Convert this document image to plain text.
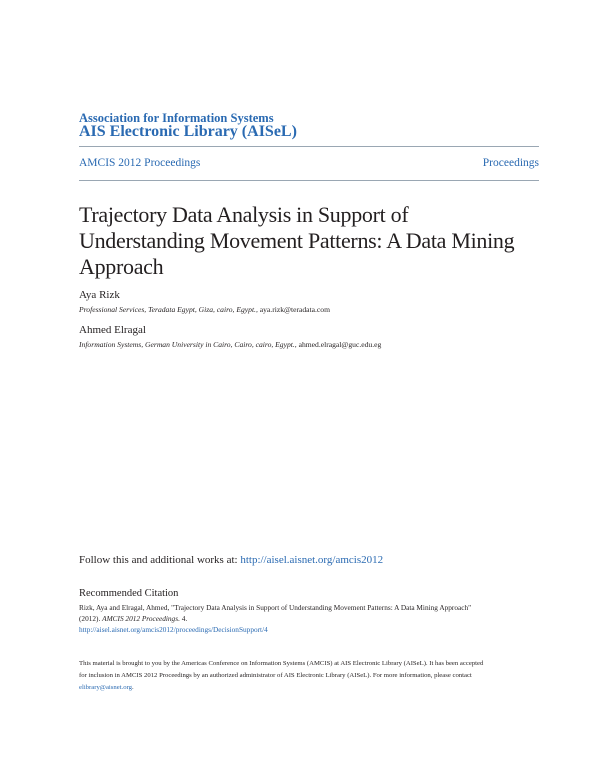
Association for Information Systems
AIS Electronic Library (AISeL)
AMCIS 2012 Proceedings	Proceedings
Trajectory Data Analysis in Support of
Understanding Movement Patterns: A Data Mining
Approach
Aya Rizk
Professional Services, Teradata Egypt, Giza, cairo, Egypt., aya.rizk@teradata.com
Ahmed Elragal
Information Systems, German University in Cairo, Cairo, cairo, Egypt., ahmed.elragal@guc.edu.eg
Follow this and additional works at: http://aisel.aisnet.org/amcis2012
Recommended Citation
Rizk, Aya and Elragal, Ahmed, "Trajectory Data Analysis in Support of Understanding Movement Patterns: A Data Mining Approach"
(2012). AMCIS 2012 Proceedings. 4.
http://aisel.aisnet.org/amcis2012/proceedings/DecisionSupport/4
This material is brought to you by the Americas Conference on Information Systems (AMCIS) at AIS Electronic Library (AISeL). It has been accepted
for inclusion in AMCIS 2012 Proceedings by an authorized administrator of AIS Electronic Library (AISeL). For more information, please contact
elibrary@aisnet.org.
